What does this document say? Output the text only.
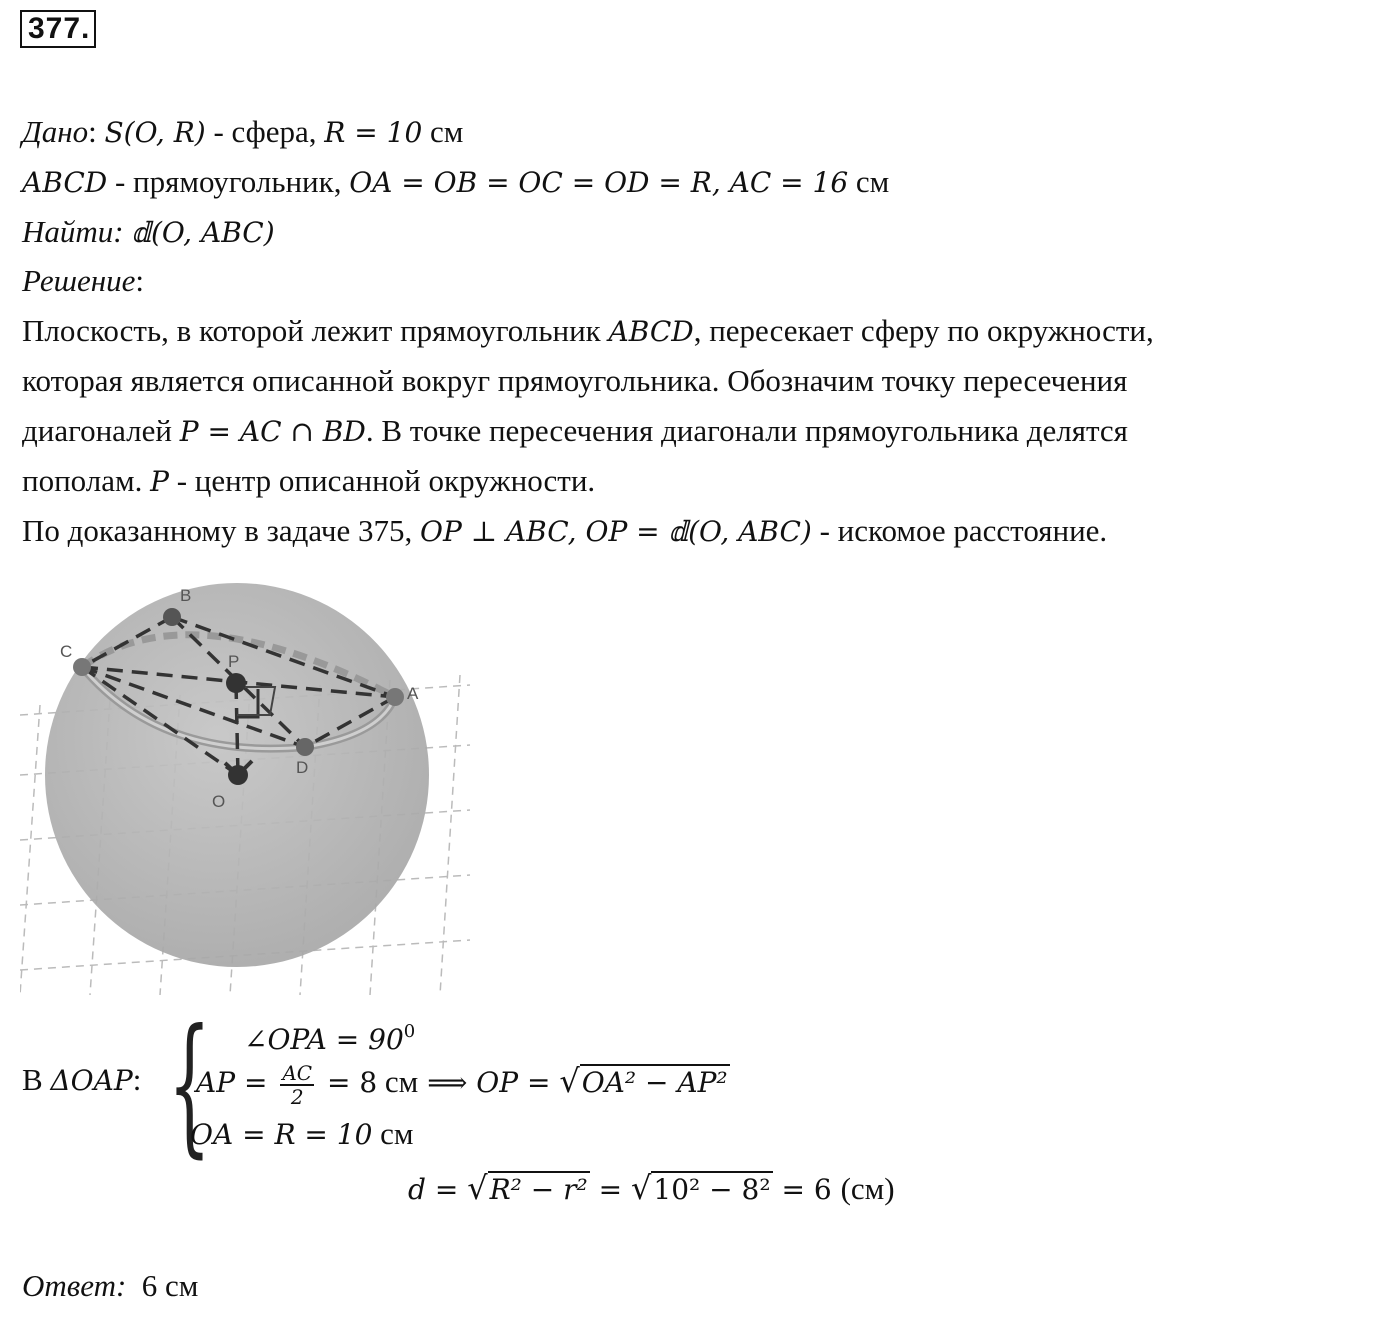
377.
Дано: S(O, R) - сфера, R = 10 см
ABCD - прямоугольник, OA = OB = OC = OD = R, AC = 16 см
Найти: 𝕕(O, ABC)
Решение:
Плоскость, в которой лежит прямоугольник ABCD, пересекает сферу по окружности,
которая является описанной вокруг прямоугольника. Обозначим точку пересечения
диагоналей P = AC ∩ BD. В точке пересечения диагонали прямоугольника делятся
пополам. P - центр описанной окружности.
По доказанному в задаче 375, OP ⊥ ABC, OP = 𝕕(O, ABC) - искомое расстояние.
B
C
P
A
D
O
В ΔOAP: { ∠OPA = $90^0$
AP = $\frac{AC}{2} = 8$ см ⟹ OP = √OA² − AP²
OA = R = 10 см
d = √R² − r² = √10² − 8² = 6 (см)
Ответ:  6 см
